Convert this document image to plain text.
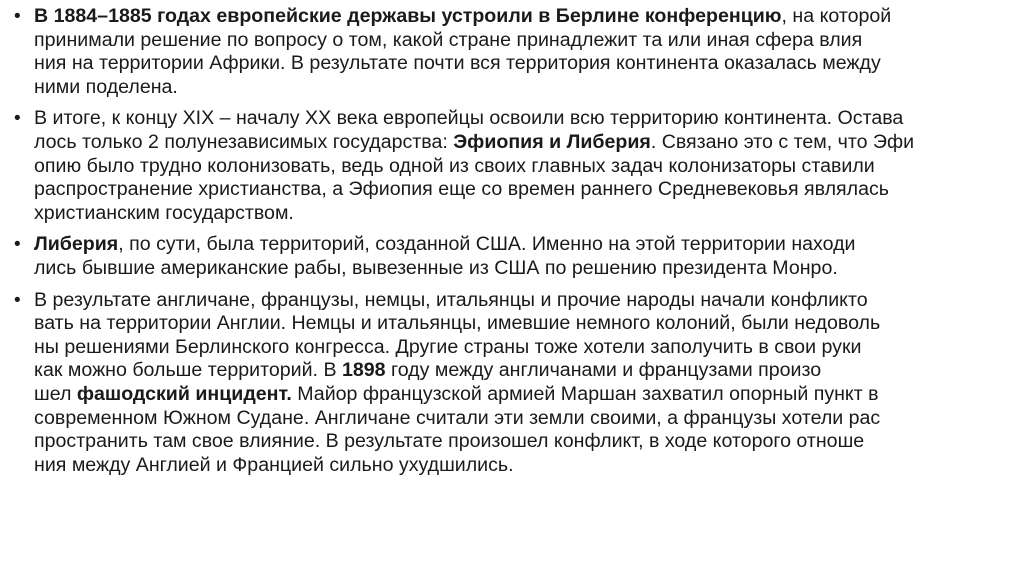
• В 1884–1885 годах европейские державы устроили в Берлине конференцию, на которой
принимали решение по вопросу о том, какой стране принадлежит та или иная сфера влия
ния на территории Африки. В результате почти вся территория континента оказалась между
ними поделена.
• В итоге, к концу XIX – началу XX века европейцы освоили всю территорию континента. Остава
лось только 2 полунезависимых государства: Эфиопия и Либерия. Связано это с тем, что Эфи
опию было трудно колонизовать, ведь одной из своих главных задач колонизаторы ставили
распространение христианства, а Эфиопия еще со времен раннего Средневековья являлась
христианским государством.
• Либерия, по сути, была территорий, созданной США. Именно на этой территории находи
лись бывшие американские рабы, вывезенные из США по решению президента Монро.
• В результате англичане, французы, немцы, итальянцы и прочие народы начали конфликто
вать на территории Англии. Немцы и итальянцы, имевшие немного колоний, были недоволь
ны решениями Берлинского конгресса. Другие страны тоже хотели заполучить в свои руки
как можно больше территорий. В 1898 году между англичанами и французами произо
шел фашодский инцидент. Майор французской армией Маршан захватил опорный пункт в
современном Южном Судане. Англичане считали эти земли своими, а французы хотели рас
пространить там свое влияние. В результате произошел конфликт, в ходе которого отноше
ния между Англией и Францией сильно ухудшились.
